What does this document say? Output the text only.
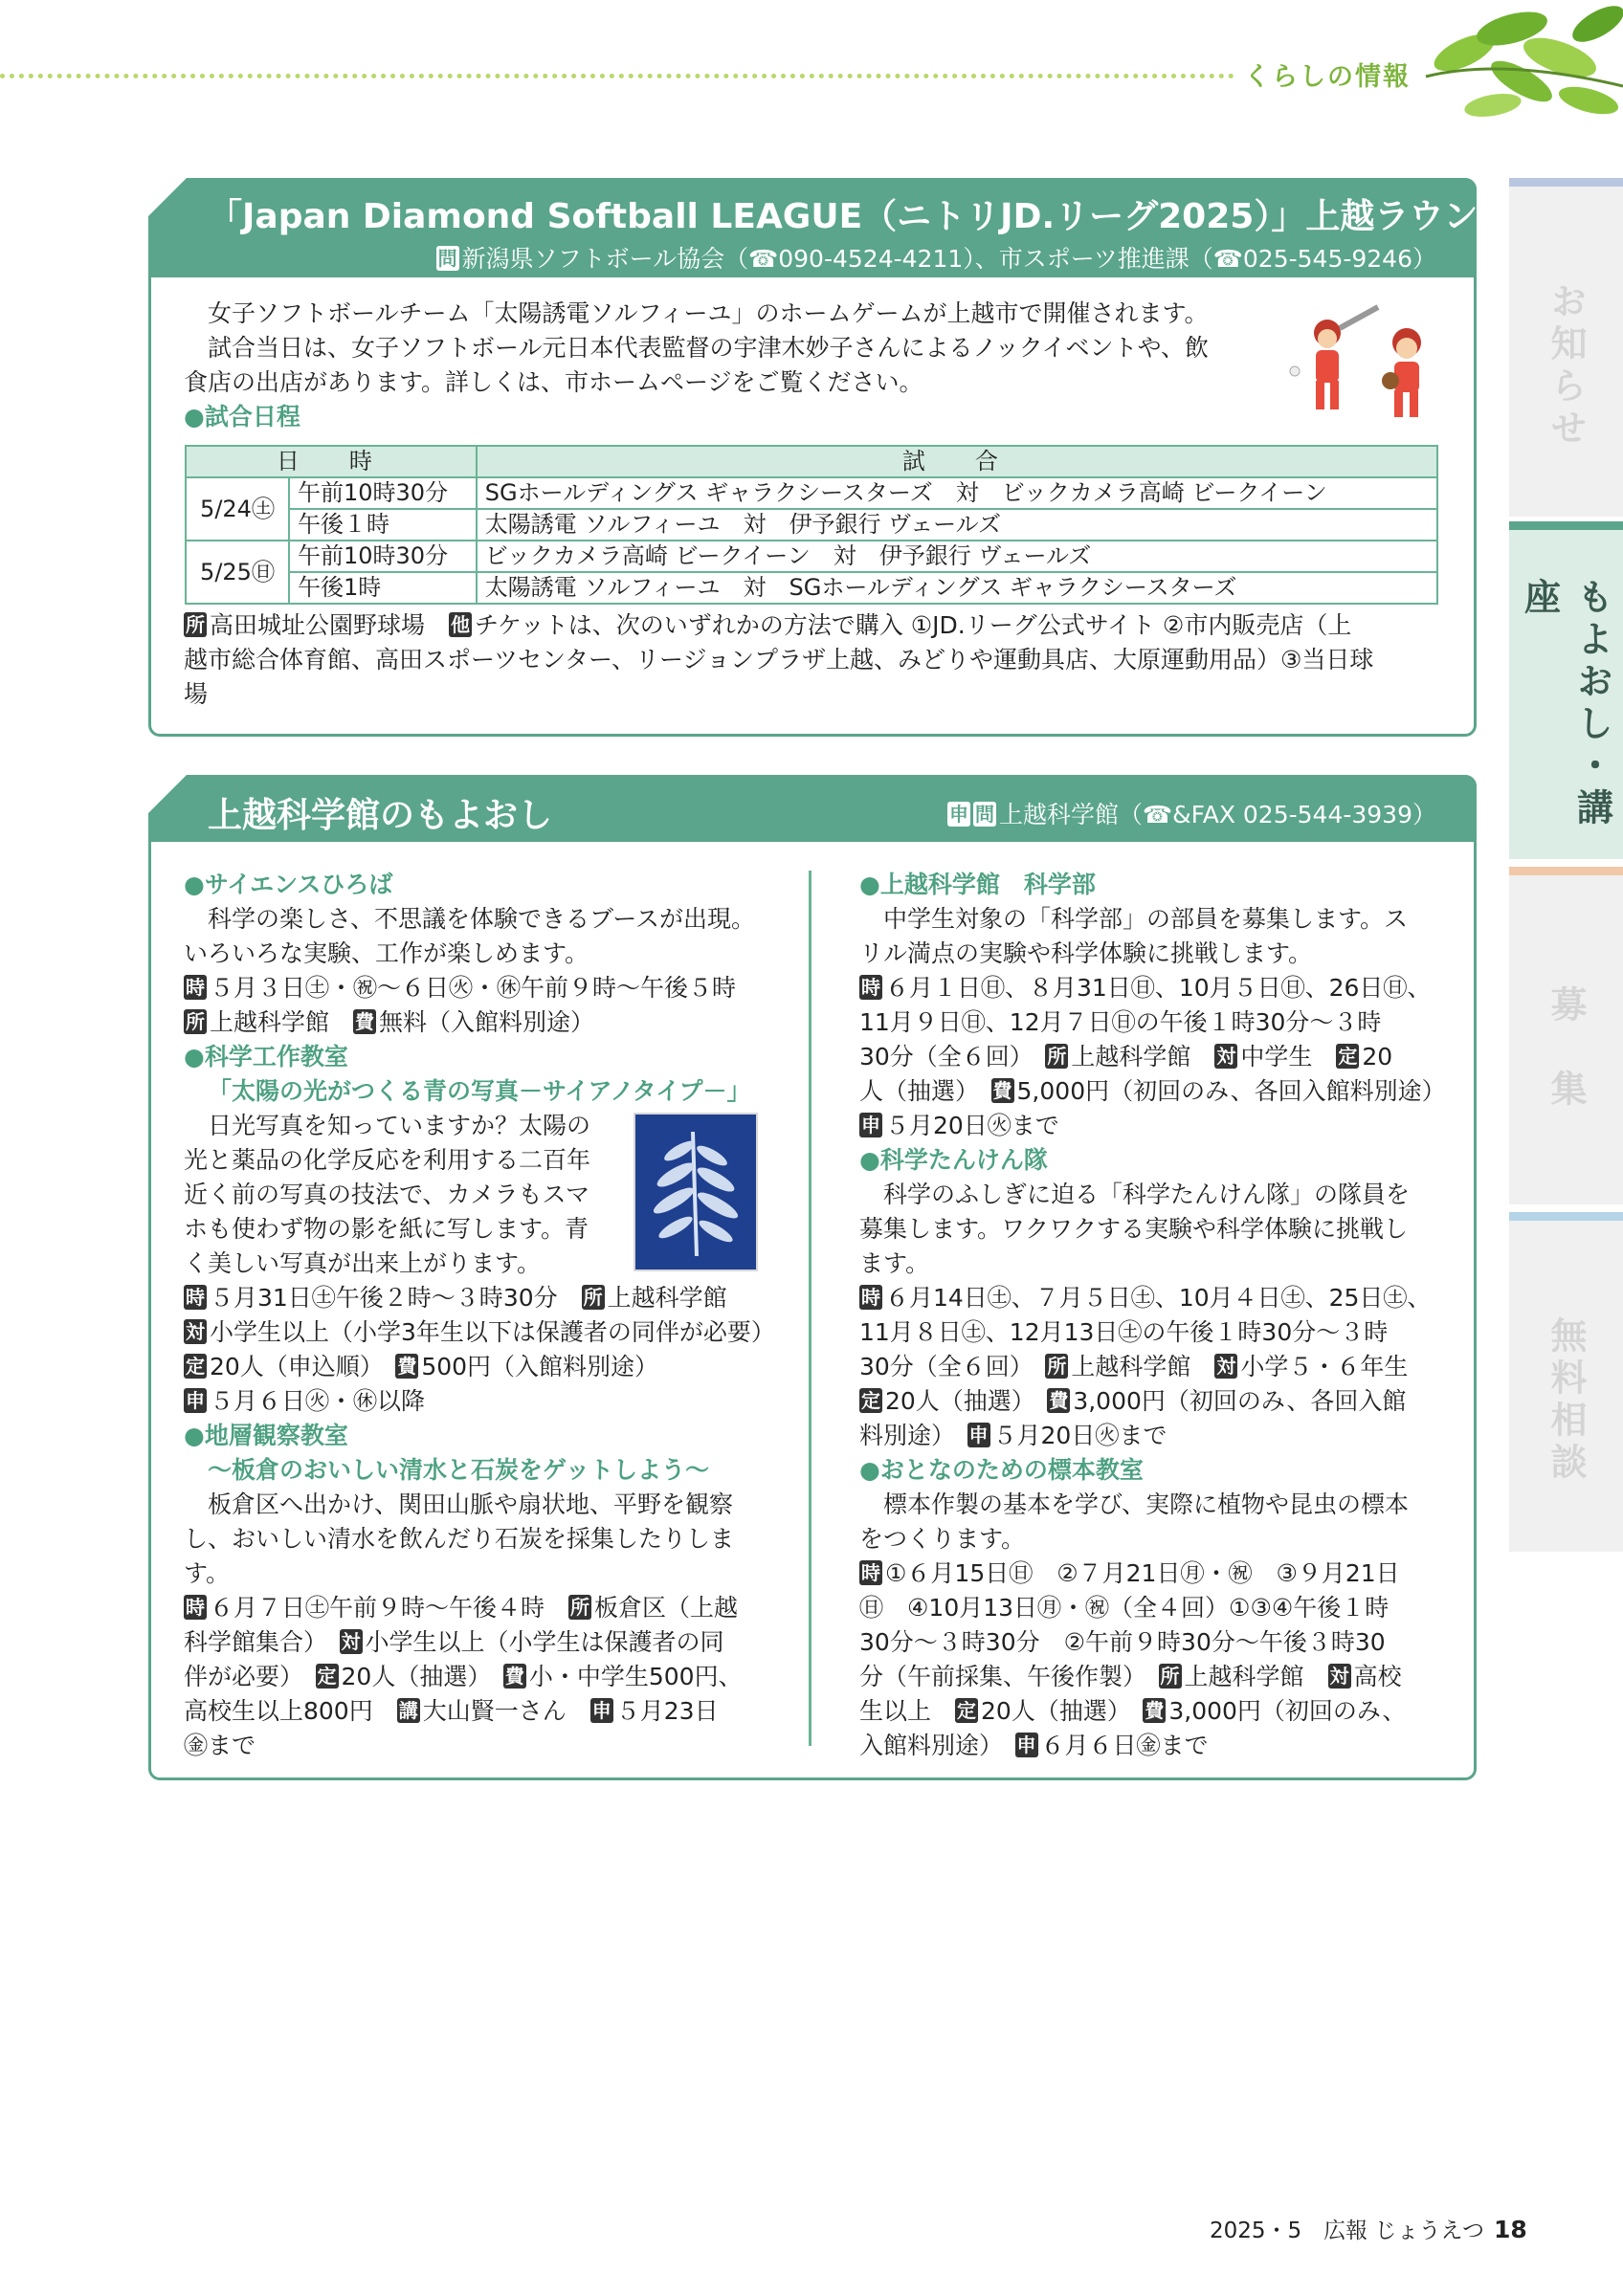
くらしの情報
お知らせ
もよおし・講座
募　集
無料相談
「Japan Diamond Softball LEAGUE（ニトリJD.リーグ2025）」上越ラウンド
問 新潟県ソフトボール協会（☎090-4524-4211）、市スポーツ推進課（☎025-545-9246）
女子ソフトボールチーム「太陽誘電ソルフィーユ」のホームゲームが上越市で開催されます。
試合当日は、女子ソフトボール元日本代表監督の宇津木妙子さんによるノックイベントや、飲
食店の出店があります。詳しくは、市ホームページをご覧ください。
●試合日程
日　時		試　合
5/24㊏	午前10時30分	SGホールディングス ギャラクシースターズ　対　ビックカメラ高崎 ビークイーン
	午後１時	太陽誘電 ソルフィーユ　対　伊予銀行 ヴェールズ
5/25㊐	午前10時30分	ビックカメラ高崎 ビークイーン　対　伊予銀行 ヴェールズ
	午後1時	太陽誘電 ソルフィーユ　対　SGホールディングス ギャラクシースターズ
所 高田城址公園野球場　 他 チケットは、次のいずれかの方法で購入 ①JD.リーグ公式サイト ②市内販売店（上
越市総合体育館、高田スポーツセンター、リージョンプラザ上越、みどりや運動具店、大原運動用品）③当日球
場
上越科学館のもよおし	申 問 上越科学館（☎&FAX 025-544-3939）
●サイエンスひろば
科学の楽しさ、不思議を体験できるブースが出現。
いろいろな実験、工作が楽しめます。
時 ５月３日㊏・㊗～６日㊋・㊡午前９時～午後５時
所 上越科学館　 費 無料（入館料別途）
●科学工作教室
「太陽の光がつくる青の写真－サイアノタイプ－」
日光写真を知っていますか？太陽の
光と薬品の化学反応を利用する二百年
近く前の写真の技法で、カメラもスマ
ホも使わず物の影を紙に写します。青
く美しい写真が出来上がります。
時 ５月31日㊏午後２時～３時30分　 所 上越科学館
対 小学生以上（小学3年生以下は保護者の同伴が必要）
定 20人（申込順）　 費 500円（入館料別途）
申 ５月６日㊋・㊡以降
●地層観察教室
～板倉のおいしい清水と石炭をゲットしよう～
板倉区へ出かけ、関田山脈や扇状地、平野を観察
し、おいしい清水を飲んだり石炭を採集したりしま
す。
時 ６月７日㊏午前９時～午後４時　 所 板倉区（上越
科学館集合）　 対 小学生以上（小学生は保護者の同
伴が必要）　 定 20人（抽選）　 費 小・中学生500円、
高校生以上800円　 講 大山賢一さん　 申 ５月23日
㊎まで
●上越科学館　科学部
中学生対象の「科学部」の部員を募集します。ス
リル満点の実験や科学体験に挑戦します。
時 ６月１日㊐、８月31日㊐、10月５日㊐、26日㊐、
11月９日㊐、12月７日㊐の午後１時30分～３時
30分（全６回）　 所 上越科学館　 対 中学生　 定 20
人（抽選）　 費 5,000円（初回のみ、各回入館料別途）
申 ５月20日㊋まで
●科学たんけん隊
科学のふしぎに迫る「科学たんけん隊」の隊員を
募集します。ワクワクする実験や科学体験に挑戦し
ます。
時 ６月14日㊏、７月５日㊏、10月４日㊏、25日㊏、
11月８日㊏、12月13日㊏の午後１時30分～３時
30分（全６回）　 所 上越科学館　 対 小学５・６年生
定 20人（抽選）　 費 3,000円（初回のみ、各回入館
料別途）　 申 ５月20日㊋まで
●おとなのための標本教室
標本作製の基本を学び、実際に植物や昆虫の標本
をつくります。
時 ①６月15日㊐　②７月21日㊊・㊗　③９月21日
㊐　④10月13日㊊・㊗（全４回）①③④午後１時
30分～３時30分　②午前９時30分～午後３時30
分（午前採集、午後作製）　 所 上越科学館　 対 高校
生以上　 定 20人（抽選）　 費 3,000円（初回のみ、
入館料別途）　 申 ６月６日㊎まで
2025・5　広報 じょうえつ 18
